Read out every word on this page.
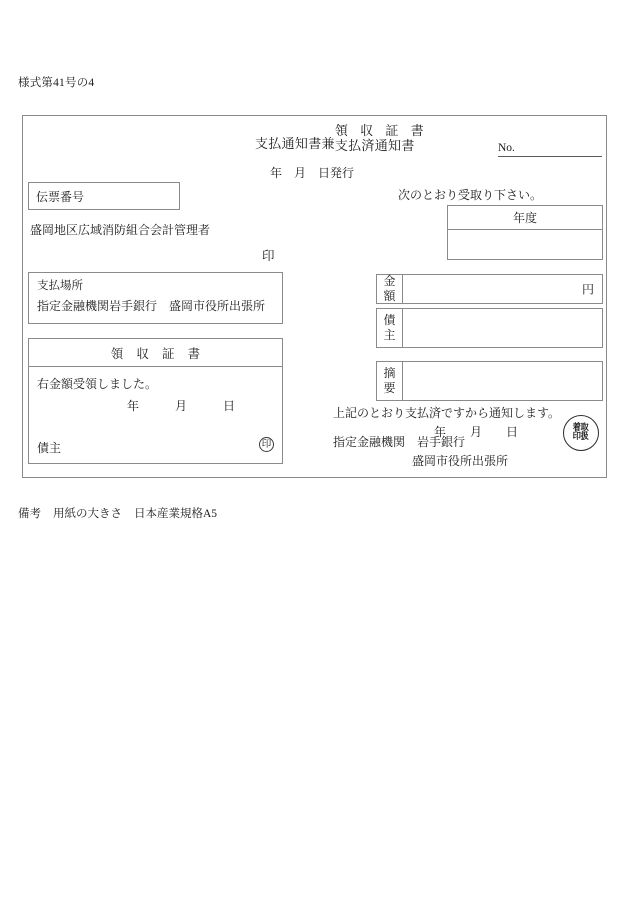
様式第41号の4
支払通知書兼
領 収 証 書
支払済通知書
年　月　日発行
No.
伝票番号
盛岡地区広域消防組合会計管理者
印
支払場所
指定金融機関岩手銀行　盛岡市役所出張所
領 収 証 書
右金額受領しました。
年　　　月　　　日
債主	印
次のとおり受取り下さい。
年度
金
額	円
債
主
摘
要
上記のとおり支払済ですから通知します。
年　　月　　日
指定金融機関 岩手銀行
盛岡市役所出張所
着 取
印 扱
備考 用紙の大きさ 日本産業規格A5
